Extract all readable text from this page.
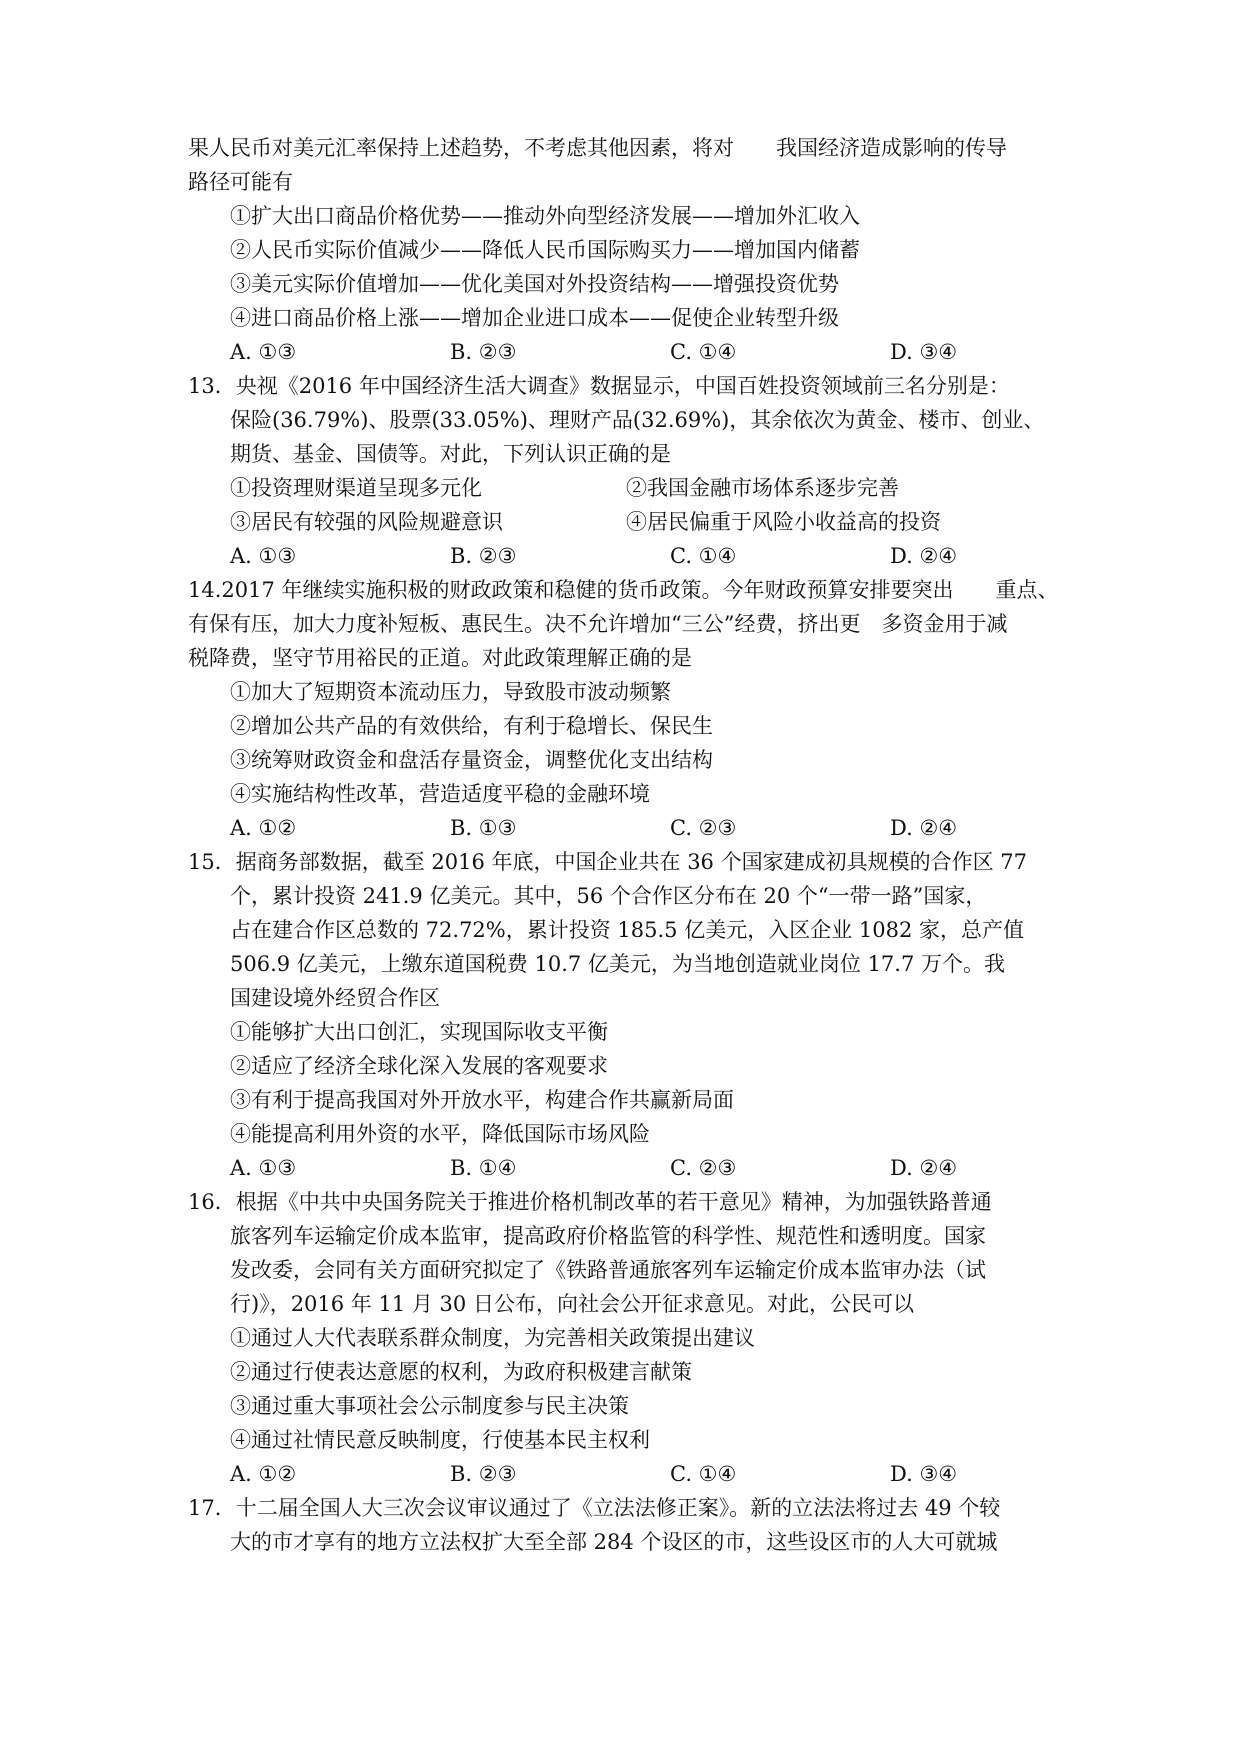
果人民币对美元汇率保持上述趋势，不考虑其他因素，将对　　我国经济造成影响的传导
路径可能有
①扩大出口商品价格优势——推动外向型经济发展——增加外汇收入
②人民币实际价值减少——降低人民币国际购买力——增加国内储蓄
③美元实际价值增加——优化美国对外投资结构——增强投资优势
④进口商品价格上涨——增加企业进口成本——促使企业转型升级
A. ①③	B. ②③	C. ①④	D. ③④
13．央视《2016 年中国经济生活大调查》数据显示，中国百姓投资领域前三名分别是：
保险(36.79%)、股票(33.05%)、理财产品(32.69%)，其余依次为黄金、楼市、创业、
期货、基金、国债等。对此，下列认识正确的是
①投资理财渠道呈现多元化	②我国金融市场体系逐步完善
③居民有较强的风险规避意识	④居民偏重于风险小收益高的投资
A. ①③	B. ②③	C. ①④	D. ②④
14.2017 年继续实施积极的财政政策和稳健的货币政策。今年财政预算安排要突出　　重点、
有保有压，加大力度补短板、惠民生。决不允许增加“三公”经费，挤出更　多资金用于减
税降费，坚守节用裕民的正道。对此政策理解正确的是
①加大了短期资本流动压力，导致股市波动频繁
②增加公共产品的有效供给，有利于稳增长、保民生
③统筹财政资金和盘活存量资金，调整优化支出结构
④实施结构性改革，营造适度平稳的金融环境
A. ①②	B. ①③	C. ②③	D. ②④
15．据商务部数据，截至 2016 年底，中国企业共在 36 个国家建成初具规模的合作区 77
个，累计投资 241.9 亿美元。其中，56 个合作区分布在 20 个“一带一路”国家，
占在建合作区总数的 72.72%，累计投资 185.5 亿美元，入区企业 1082 家，总产值
506.9 亿美元，上缴东道国税费 10.7 亿美元，为当地创造就业岗位 17.7 万个。我
国建设境外经贸合作区
①能够扩大出口创汇，实现国际收支平衡
②适应了经济全球化深入发展的客观要求
③有利于提高我国对外开放水平，构建合作共赢新局面
④能提高利用外资的水平，降低国际市场风险
A. ①③	B. ①④	C. ②③	D. ②④
16．根据《中共中央国务院关于推进价格机制改革的若干意见》精神，为加强铁路普通
旅客列车运输定价成本监审，提高政府价格监管的科学性、规范性和透明度。国家
发改委，会同有关方面研究拟定了《铁路普通旅客列车运输定价成本监审办法（试
行)》，2016 年 11 月 30 日公布，向社会公开征求意见。对此，公民可以
①通过人大代表联系群众制度，为完善相关政策提出建议
②通过行使表达意愿的权利，为政府积极建言献策
③通过重大事项社会公示制度参与民主决策
④通过社情民意反映制度，行使基本民主权利
A. ①②	B. ②③	C. ①④	D. ③④
17．十二届全国人大三次会议审议通过了《立法法修正案》。新的立法法将过去 49 个较
大的市才享有的地方立法权扩大至全部 284 个设区的市，这些设区市的人大可就城
